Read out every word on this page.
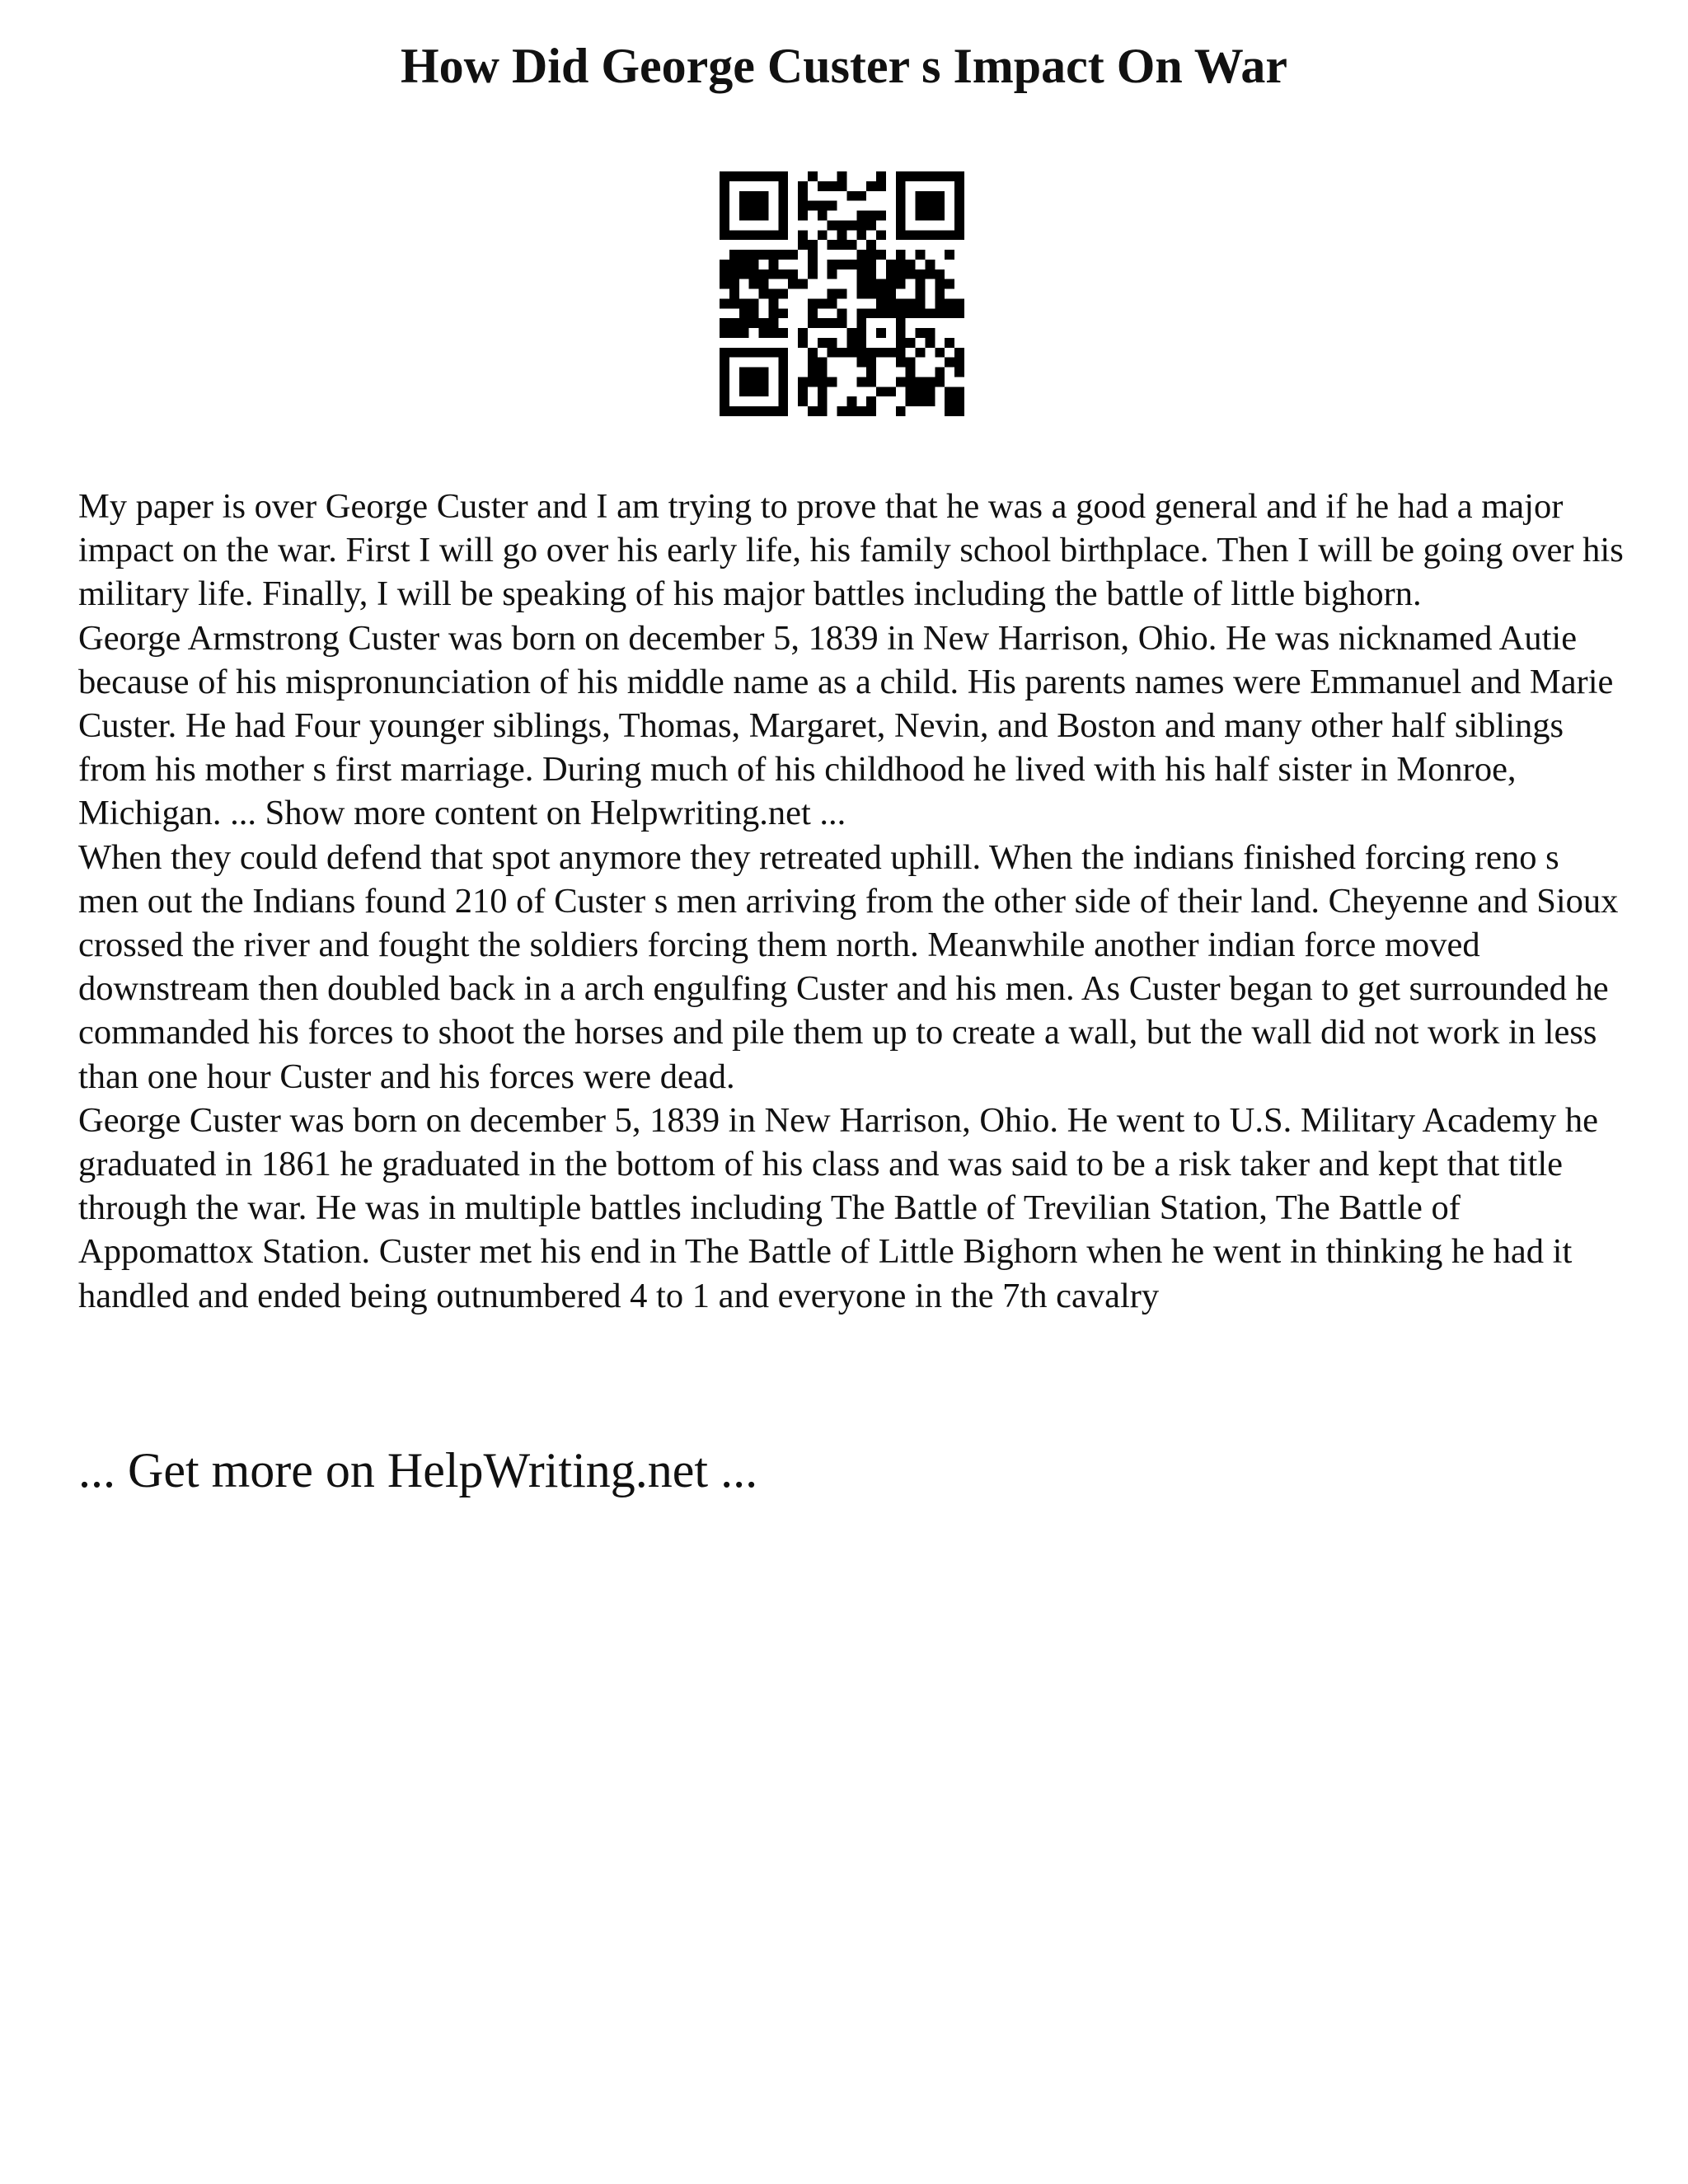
How Did George Custer s Impact On War

My paper is over George Custer and I am trying to prove that he was a good general and if he had a major impact on the war. First I will go over his early life, his family school birthplace. Then I will be going over his military life. Finally, I will be speaking of his major battles including the battle of little bighorn.

George Armstrong Custer was born on december 5, 1839 in New Harrison, Ohio. He was nicknamed Autie because of his mispronunciation of his middle name as a child. His parents names were Emmanuel and Marie Custer. He had Four younger siblings, Thomas, Margaret, Nevin, and Boston and many other half siblings from his mother s first marriage. During much of his childhood he lived with his half sister in Monroe, Michigan. ... Show more content on Helpwriting.net ...

When they could defend that spot anymore they retreated uphill. When the indians finished forcing reno s men out the Indians found 210 of Custer s men arriving from the other side of their land. Cheyenne and Sioux crossed the river and fought the soldiers forcing them north. Meanwhile another indian force moved downstream then doubled back in a arch engulfing Custer and his men. As Custer began to get surrounded he commanded his forces to shoot the horses and pile them up to create a wall, but the wall did not work in less than one hour Custer and his forces were dead.

George Custer was born on december 5, 1839 in New Harrison, Ohio. He went to U.S. Military Academy he graduated in 1861 he graduated in the bottom of his class and was said to be a risk taker and kept that title through the war. He was in multiple battles including The Battle of Trevilian Station, The Battle of Appomattox Station. Custer met his end in The Battle of Little Bighorn when he went in thinking he had it handled and ended being outnumbered 4 to 1 and everyone in the 7th cavalry

... Get more on HelpWriting.net ...
